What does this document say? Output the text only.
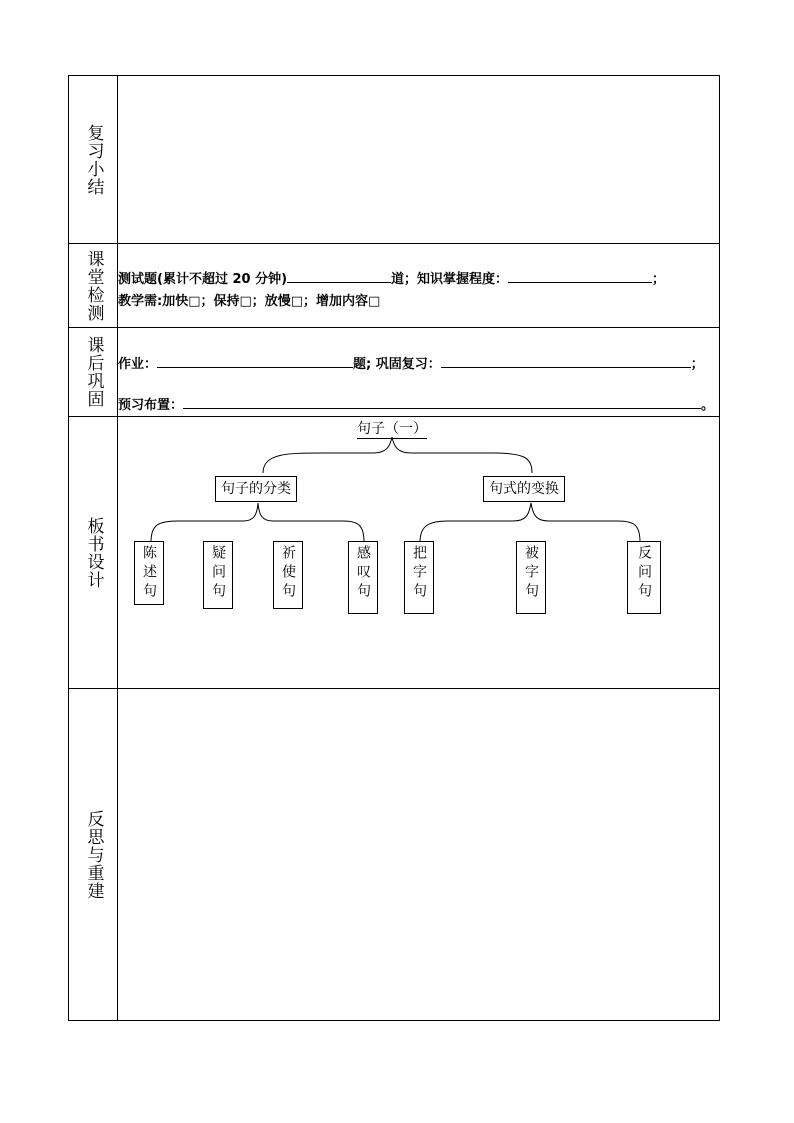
复习小结
课堂检测 测试题(累计不超过 20 分钟)	道；知识掌握程度：	；
教学需:加快□；保持□；放慢□；增加内容□
课后巩固 作业：	题; 巩固复习：	；
预习布置：	。
板书设计
句子（一）
句子的分类	句式的变换
陈述句	疑问句	祈使句	感叹句	把字句	被字句	反问句
反思与重建
